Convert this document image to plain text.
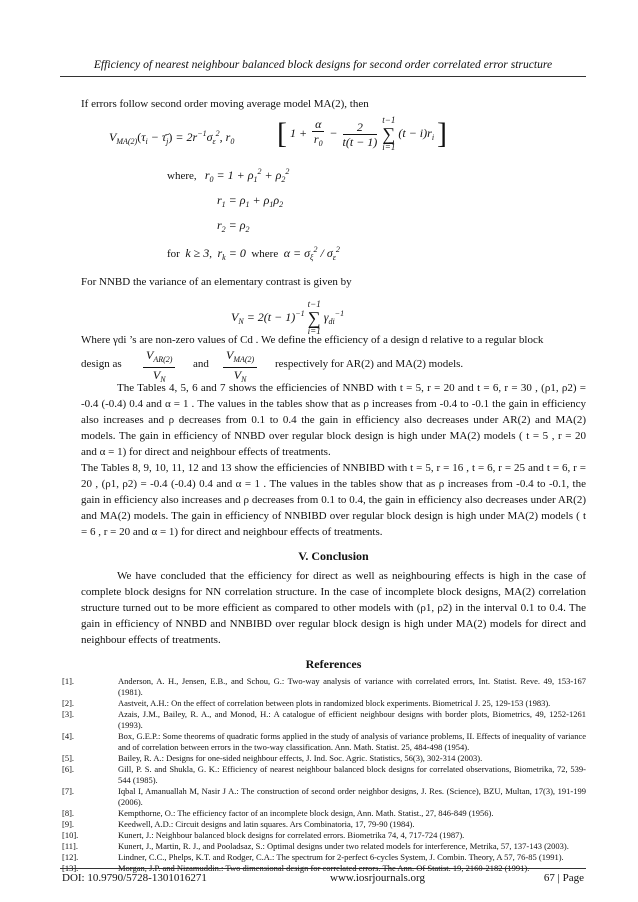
Efficiency of nearest neighbour balanced block designs for second order correlated error structure

If errors follow second order moving average model MA(2), then

$V_{MA(2)}(\tau_i$ − $\taū_j) = 2r^{-1}\sigma_\varepsilon^2$, $r_0$ [ $1 + \frac{\alpha}{r_0} - \frac{2}{t(t - 1)}$
t−1
∑
i=1
$(t - i)r_i$ ]
where, $r_0 = 1 + \rho_1^2 + \rho_2^2$
$r_1 = \rho_1 + \rho_1\rho_2$
$r_2 = \rho_2$
for k ≥ 3,  $r_k = 0$ where $\alpha = \sigma_\xi^2 / \sigma_\varepsilon^2$

For NNBD the variance of an elementary contrast is given by

$V_N = 2(t - 1)^{-1}$
t−1
∑
i=1
$\gamma_{di}^{-1}$

Where γdi ’s are non-zero values of Cd . We define the efficiency of a design d relative to a regular block

design as
$V_{AR(2)}$
$V_N$
and
$V_{MA(2)}$
$V_N$
respectively for AR(2) and MA(2) models.

The Tables 4, 5, 6 and 7 shows the efficiencies of NNBD with t = 5, r = 20 and t = 6, r = 30 , (ρ1, ρ2) = -0.4 (-0.4) 0.4 and α = 1 . The values in the tables show that as ρ increases from -0.4 to -0.1 the gain in efficiency also increases and ρ decreases from 0.1 to 0.4 the gain in efficiency also decreases under AR(2) and MA(2) models. The gain in efficiency of NNBD over regular block design is high under MA(2) models ( t = 5 , r = 20 and α = 1) for direct and neighbour effects of treatments.

The Tables 8, 9, 10, 11, 12 and 13 show the efficiencies of NNBIBD with t = 5, r = 16 , t = 6, r = 25 and t = 6, r = 20 , (ρ1, ρ2) = -0.4 (-0.4) 0.4 and α = 1 . The values in the tables show that as ρ increases from -0.4 to -0.1, the gain in efficiency also increases and ρ decreases from 0.1 to 0.4, the gain in efficiency also decreases under AR(2) and MA(2) models. The gain in efficiency of NNBIBD over regular block design is high under MA(2) models ( t = 6 , r = 20 and α = 1) for direct and neighbour effects of treatments.

V. Conclusion

We have concluded that the efficiency for direct as well as neighbouring effects is high in the case of complete block designs for NN correlation structure. In the case of incomplete block designs, MA(2) correlation structure turned out to be more efficient as compared to other models with (ρ1, ρ2) in the interval 0.1 to 0.4. The gain in efficiency of NNBD and NNBIBD over regular block design is high under MA(2) models for direct and neighbour effects of treatments.

References
[1].	Anderson, A. H., Jensen, E.B., and Schou, G.: Two-way analysis of variance with correlated errors, Int. Statist. Reve. 49, 153-167 (1981).
[2].	Aastveit, A.H.: On the effect of correlation between plots in randomized block experiments. Biometrical J. 25, 129-153 (1983).
[3].	Azais, J.M., Bailey, R. A., and Monod, H.: A catalogue of efficient neighbour designs with border plots, Biometrics, 49, 1252-1261 (1993).
[4].	Box, G.E.P.: Some theorems of quadratic forms applied in the study of analysis of variance problems, II. Effects of inequality of variance and of correlation between errors in the two-way classification. Ann. Math. Statist. 25, 484-498 (1954).
[5].	Bailey, R. A.: Designs for one-sided neighbour effects, J. Ind. Soc. Agric. Statistics, 56(3), 302-314 (2003).
[6].	Gill, P. S. and Shukla, G. K.: Efficiency of nearest neighbour balanced block designs for correlated observations, Biometrika, 72, 539-544 (1985).
[7].	Iqbal I, Amanuallah M, Nasir J A.: The construction of second order neighbor designs, J. Res. (Science), BZU, Multan, 17(3), 191-199 (2006).
[8].	Kempthorne, O.: The efficiency factor of an incomplete block design, Ann. Math. Statist., 27, 846-849 (1956).
[9].	Keedwell, A.D.: Circuit designs and latin squares. Ars Combinatoria, 17, 79-90 (1984).
[10].	Kunert, J.: Neighbour balanced block designs for correlated errors. Biometrika 74, 4, 717-724 (1987).
[11].	Kunert, J., Martin, R. J., and Pooladsaz, S.: Optimal designs under two related models for interference, Metrika, 57, 137-143 (2003).
[12].	Lindner, C.C., Phelps, K.T. and Rodger, C.A.: The spectrum for 2-perfect 6-cycles System, J. Combin. Theory, A 57, 76-85 (1991).
[13].	Morgan, J.P. and Nizamuddin.: Two dimensional design for correlated errors. The Ann. Of Statist. 19, 2160-2182 (1991).
DOI: 10.9790/5728-1301016271	www.iosrjournals.org	67 | Page
